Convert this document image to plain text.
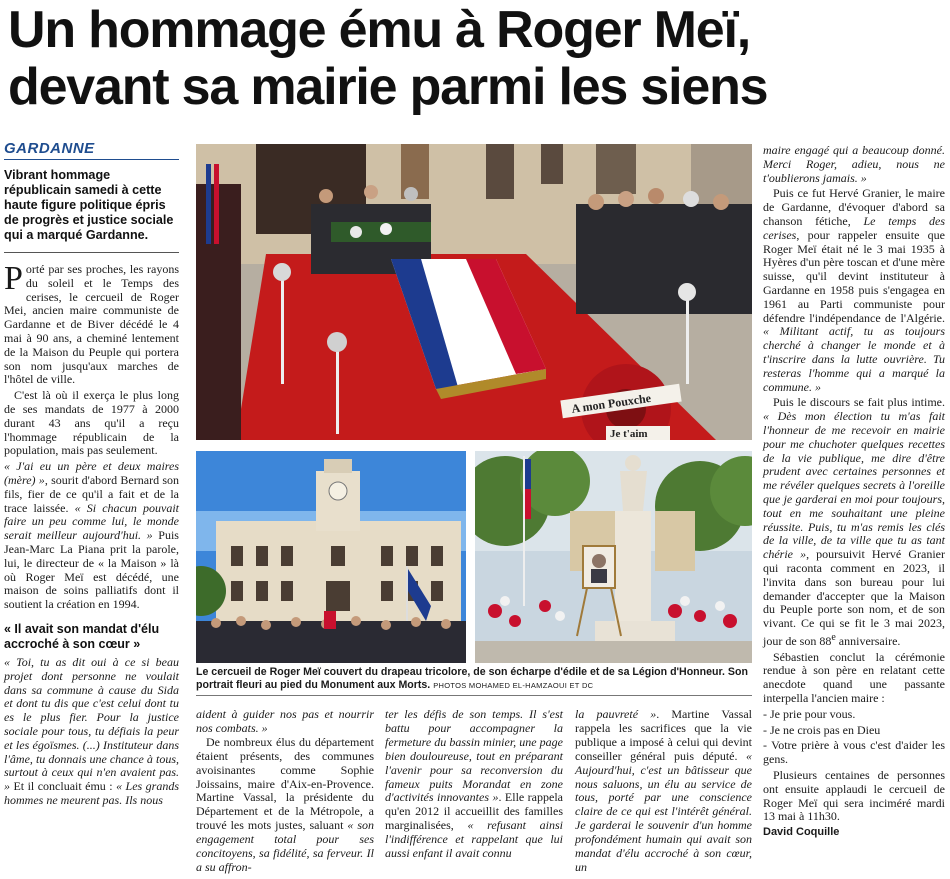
Un hommage ému à Roger Meï,
devant sa mairie parmi les siens
GARDANNE
Vibrant hommage républicain samedi à cette haute figure politique épris de progrès et justice sociale qui a marqué Gardanne.

Porté par ses proches, les rayons du soleil et le Temps des cerises, le cercueil de Roger Mei, ancien maire communiste de Gardanne et de Biver décédé le 4 mai à 90 ans, a cheminé lentement de la Maison du Peuple qui portera son nom jusqu'aux marches de l'hôtel de ville.

C'est là où il exerça le plus long de ses mandats de 1977 à 2000 durant 43 ans qu'il a reçu l'hommage républicain de la population, mais pas seulement.

« J'ai eu un père et deux maires (mère) », sourit d'abord Bernard son fils, fier de ce qu'il a fait et de la trace laissée. « Si chacun pouvait faire un peu comme lui, le monde serait meilleur aujourd'hui. » Puis Jean-Marc La Piana prit la parole, lui, le directeur de « la Maison » là où Roger Meï est décédé, une maison de soins palliatifs dont il soutient la création en 1994.

« Il avait son mandat d'élu accroché à son cœur »

« Toi, tu as dit oui à ce si beau projet dont personne ne voulait dans sa commune à cause du Sida et dont tu dis que c'est celui dont tu es le plus fier. Pour la justice sociale pour tous, tu défiais la peur et les égoïsmes. (...) Instituteur dans l'âme, tu donnais une chance à tous, surtout à ceux qui n'en avaient pas. » Et il concluait ému : « Les grands hommes ne meurent pas. Ils nous

A mon Pouxche
Je t'aim
Le cercueil de Roger Meï couvert du drapeau tricolore, de son écharpe d'édile et de sa Légion d'Honneur. Son portrait fleuri au pied du Monument aux Morts. PHOTOS MOHAMED EL-HAMZAOUI ET DC

aident à guider nos pas et nourrir nos combats. »

De nombreux élus du département étaient présents, des communes avoisinantes comme Sophie Joissains, maire d'Aix-en-Provence. Martine Vassal, la présidente du Département et de la Métropole, a trouvé les mots justes, saluant « son engagement total pour ses concitoyens, sa fidélité, sa ferveur. Il a su affron-

ter les défis de son temps. Il s'est battu pour accompagner la fermeture du bassin minier, une page bien douloureuse, tout en préparant l'avenir pour sa reconversion du fameux puits Morandat en zone d'activités innovantes ». Elle rappela qu'en 2012 il accueillit des familles marginalisées, « refusant ainsi l'indifférence et rappelant que lui aussi enfant il avait connu

la pauvreté ». Martine Vassal rappela les sacrifices que la vie publique a imposé à celui qui devint conseiller général puis député. « Aujourd'hui, c'est un bâtisseur que nous saluons, un élu au service de tous, porté par une conscience claire de ce qui est l'intérêt général. Je garderai le souvenir d'un homme profondément humain qui avait son mandat d'élu accroché à son cœur, un

maire engagé qui a beaucoup donné. Merci Roger, adieu, nous ne t'oublierons jamais. »

Puis ce fut Hervé Granier, le maire de Gardanne, d'évoquer d'abord sa chanson fétiche, Le temps des cerises, pour rappeler ensuite que Roger Meï était né le 3 mai 1935 à Hyères d'un père toscan et d'une mère suisse, qu'il devint instituteur à Gardanne en 1958 puis s'engagea en 1961 au Parti communiste pour défendre l'indépendance de l'Algérie. « Militant actif, tu as toujours cherché à changer le monde et à t'inscrire dans la lutte ouvrière. Tu resteras l'homme qui a marqué la commune. »

Puis le discours se fait plus intime. « Dès mon élection tu m'as fait l'honneur de me recevoir en mairie pour me chuchoter quelques recettes de la vie publique, me dire d'être prudent avec certaines personnes et me révéler quelques secrets à l'oreille que je garderai en moi pour toujours, tout en me souhaitant une pleine réussite. Puis, tu m'as remis les clés de la ville, de ta ville que tu as tant chérie », poursuivit Hervé Granier qui raconta comment en 2023, il l'invita dans son bureau pour lui demander d'accepter que la Maison du Peuple porte son nom, et de son vivant. Ce qui se fit le 3 mai 2023, jour de son 88e anniversaire.

Sébastien conclut la cérémonie rendue à son père en relatant cette anecdote quand une passante interpella l'ancien maire :

- Je prie pour vous.

- Je ne crois pas en Dieu

- Votre prière à vous c'est d'aider les gens.

Plusieurs centaines de personnes ont ensuite applaudi le cercueil de Roger Meï qui sera inciméré mardi 13 mai à 11h30.

David Coquille
